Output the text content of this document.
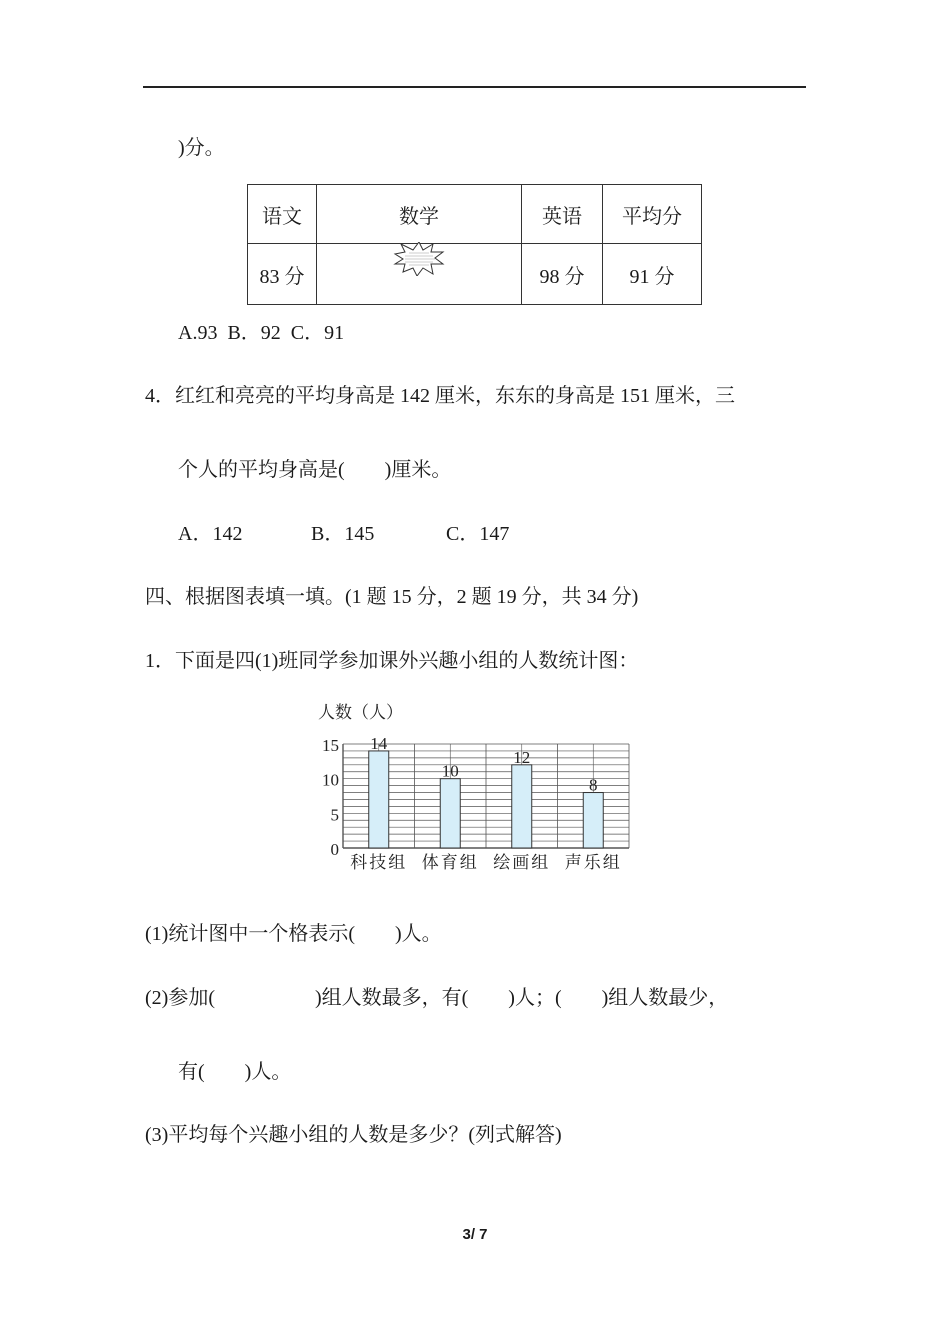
)分。
语文	数学	英语	平均分
83 分		98 分	91 分
A.93  B．92  C．91
4．红红和亮亮的平均身高是 142 厘米，东东的身高是 151 厘米，三
个人的平均身高是(        )厘米。
A．142	B．145	C．147
四、根据图表填一填。(1 题 15 分，2 题 19 分，共 34 分)
1．下面是四(1)班同学参加课外兴趣小组的人数统计图：
人数（人）
0
5
10
15 14
科技组
10
体育组
12
绘画组
8
声乐组
(1)统计图中一个格表示(        )人。
(2)参加(                    )组人数最多，有(        )人；(        )组人数最少，
有(        )人。
(3)平均每个兴趣小组的人数是多少？(列式解答)
3/ 7
